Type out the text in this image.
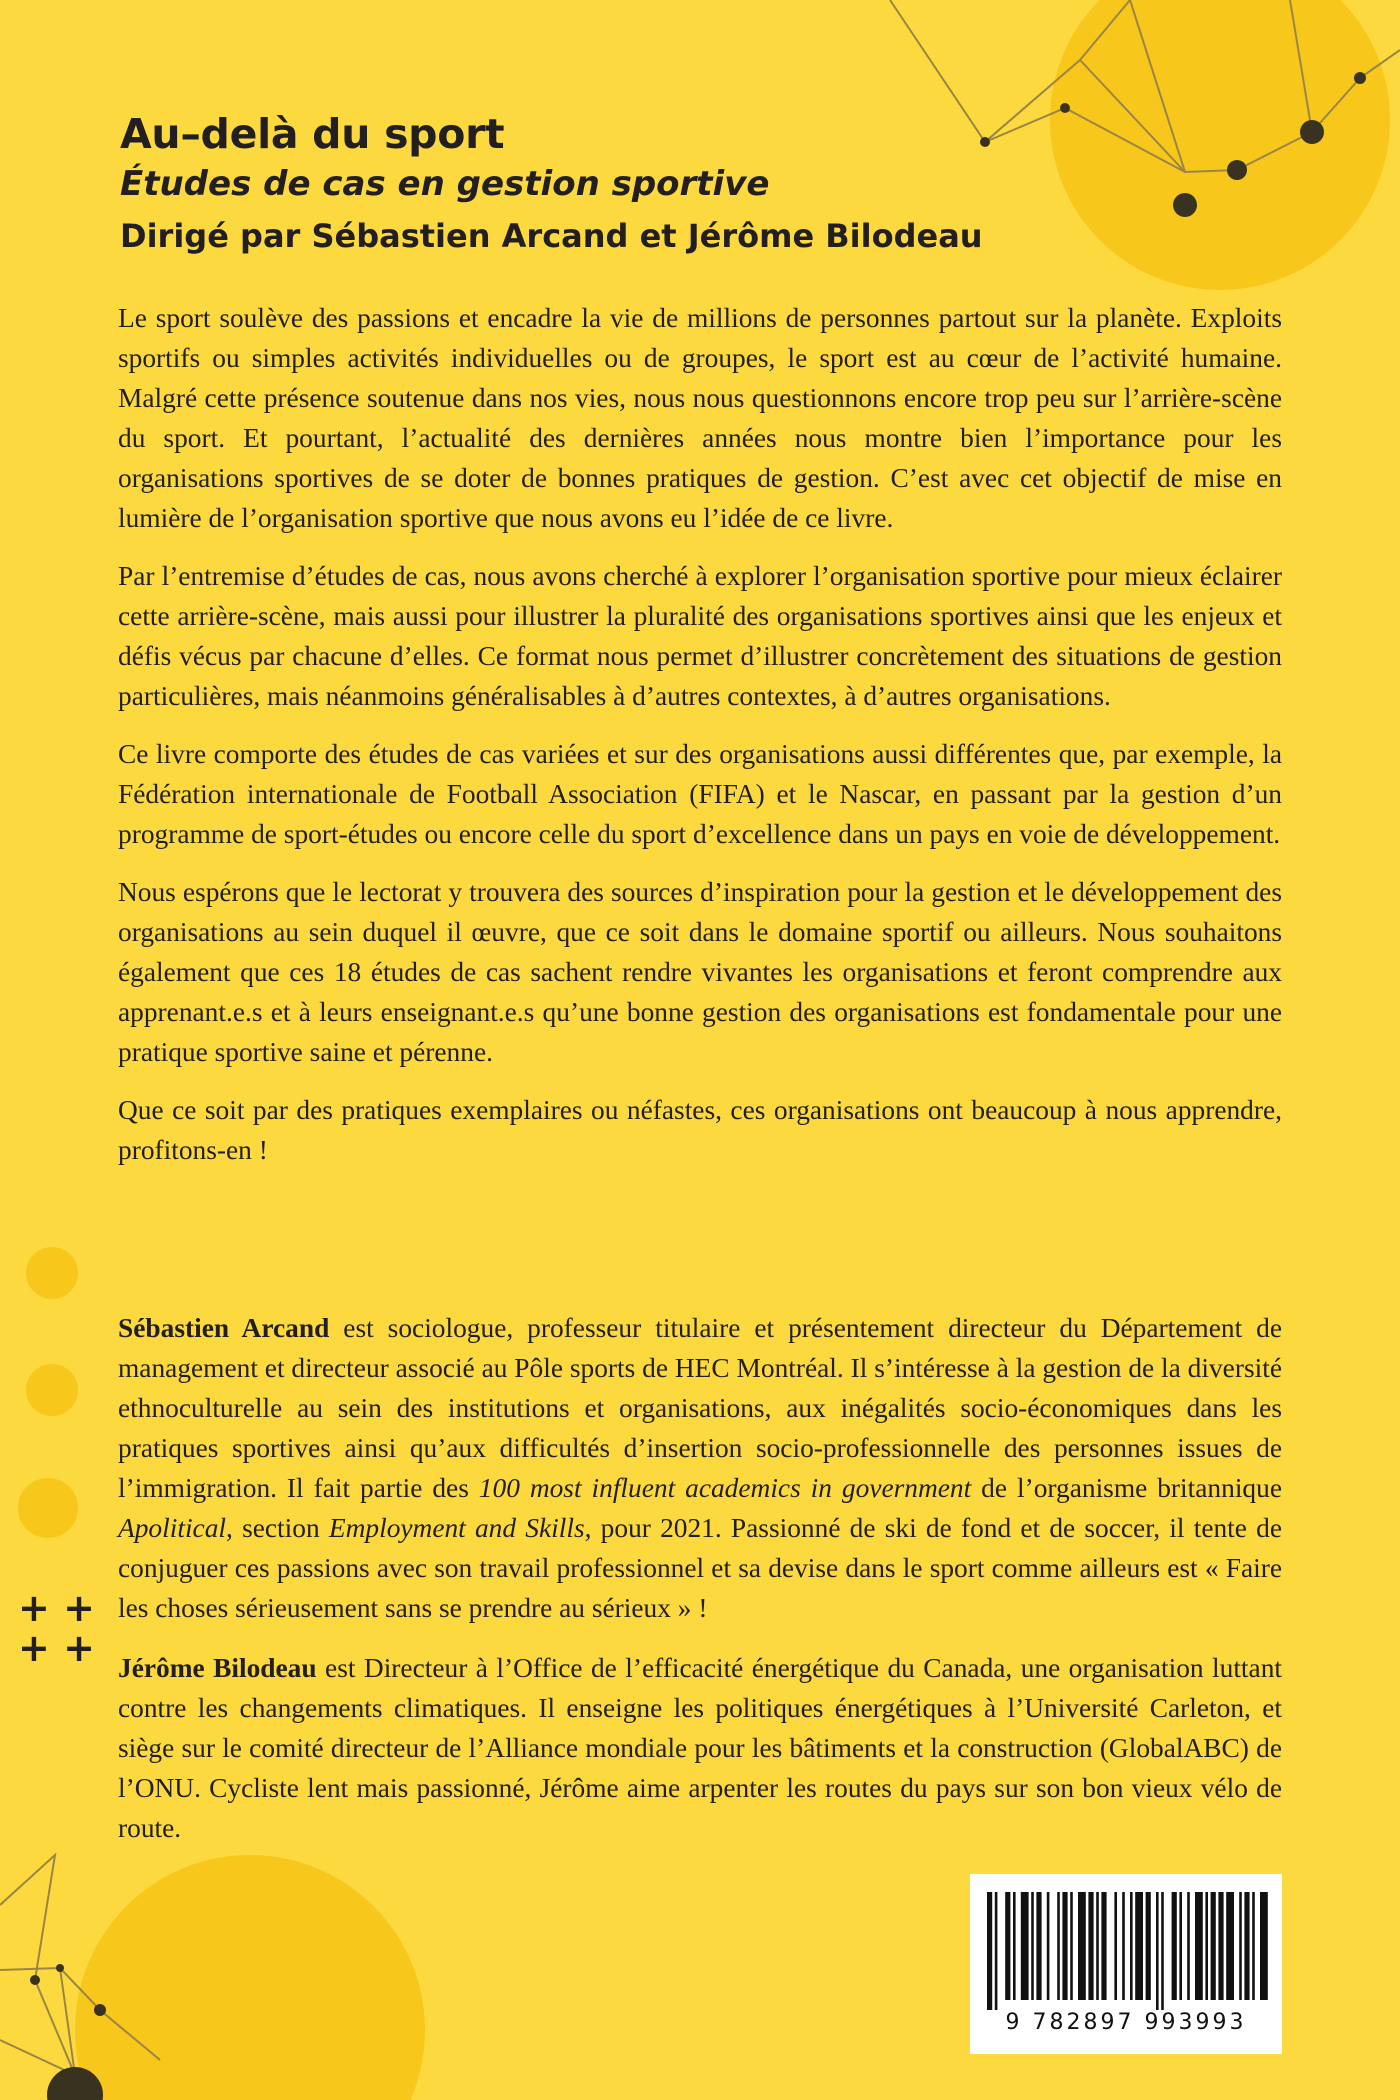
+ +
+ +
Au–delà du sport
Études de cas en gestion sportive
Dirigé par Sébastien Arcand et Jérôme Bilodeau

Le sport soulève des passions et encadre la vie de millions de personnes partout sur la planète. Exploits sportifs ou simples activités individuelles ou de groupes, le sport est au cœur de l’activité humaine. Malgré cette présence soutenue dans nos vies, nous nous questionnons encore trop peu sur l’arrière-scène du sport. Et pourtant, l’actualité des dernières années nous montre bien l’importance pour les organisations sportives de se doter de bonnes pratiques de gestion. C’est avec cet objectif de mise en lumière de l’organisation sportive que nous avons eu l’idée de ce livre.

Par l’entremise d’études de cas, nous avons cherché à explorer l’organisation sportive pour mieux éclairer cette arrière-scène, mais aussi pour illustrer la pluralité des organisations sportives ainsi que les enjeux et défis vécus par chacune d’elles. Ce format nous permet d’illustrer concrètement des situations de gestion particulières, mais néanmoins généralisables à d’autres contextes, à d’autres organisations.

Ce livre comporte des études de cas variées et sur des organisations aussi différentes que, par exemple, la Fédération internationale de Football Association (FIFA) et le Nascar, en passant par la gestion d’un programme de sport-études ou encore celle du sport d’excellence dans un pays en voie de développement.

Nous espérons que le lectorat y trouvera des sources d’inspiration pour la gestion et le développement des organisations au sein duquel il œuvre, que ce soit dans le domaine sportif ou ailleurs. Nous souhaitons également que ces 18 études de cas sachent rendre vivantes les organisations et feront comprendre aux apprenant.e.s et à leurs enseignant.e.s qu’une bonne gestion des organisations est fondamentale pour une pratique sportive saine et pérenne.

Que ce soit par des pratiques exemplaires ou néfastes, ces organisations ont beaucoup à nous apprendre, profitons-en !

Sébastien Arcand est sociologue, professeur titulaire et présentement directeur du Département de management et directeur associé au Pôle sports de HEC Montréal. Il s’intéresse à la gestion de la diversité ethnoculturelle au sein des institutions et organisations, aux inégalités socio-économiques dans les pratiques sportives ainsi qu’aux difficultés d’insertion socio-professionnelle des personnes issues de l’immigration. Il fait partie des 100 most influent academics in government de l’organisme britannique Apolitical, section Employment and Skills, pour 2021. Passionné de ski de fond et de soccer, il tente de conjuguer ces passions avec son travail professionnel et sa devise dans le sport comme ailleurs est « Faire les choses sérieusement sans se prendre au sérieux » !

Jérôme Bilodeau est Directeur à l’Office de l’efficacité énergétique du Canada, une organisation luttant contre les changements climatiques. Il enseigne les politiques énergétiques à l’Université Carleton, et siège sur le comité directeur de l’Alliance mondiale pour les bâtiments et la construction (GlobalABC) de l’ONU. Cycliste lent mais passionné, Jérôme aime arpenter les routes du pays sur son bon vieux vélo de route.

9 782897 993993
